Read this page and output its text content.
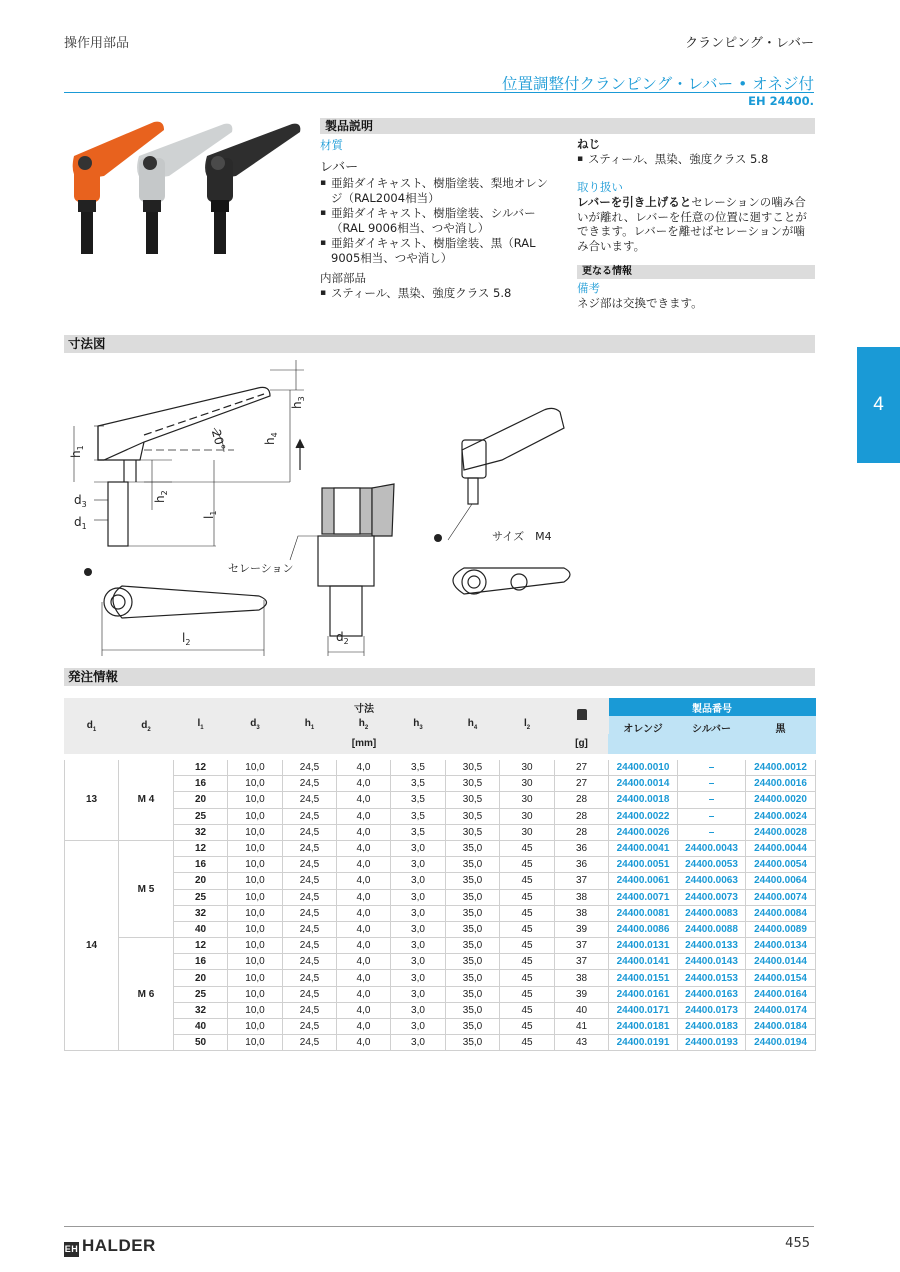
操作用部品	クランピング・レバー
位置調整付クランピング・レバー • オネジ付
EH 24400.
4
製品説明
材質
レバー
▪ 亜鉛ダイキャスト、樹脂塗装、梨地オレンジ（RAL2004相当）
▪ 亜鉛ダイキャスト、樹脂塗装、シルバー（RAL 9006相当、つや消し）
▪ 亜鉛ダイキャスト、樹脂塗装、黒（RAL 9005相当、つや消し）
内部部品
▪ スティール、黒染、強度クラス 5.8
ねじ
▪ スティール、黒染、強度クラス 5.8
取り扱い
レバーを引き上げるとセレーションの噛み合いが離れ、レバーを任意の位置に廻すことができます。レバーを離せばセレーションが噛み合います。
更なる情報
備考
ネジ部は交換できます。
寸法図
20°
$h_1$
$h_4$
$h_3$
$h_2$
$l_1$
$d_3$
$d_1$
$l_2$
セレーション
$d_2$
サイズ　M4
発注情報
$d_1$	$d_2$	寸法								製品番号		
		$l_1$	$d_3$	$h_1$	$h_2$	$h_3$	$h_4$	$l_2$		オレンジ	シルバー	黒
		[mm]							[g]			

13	M 4	12	10,0	24,5	4,0	3,5	30,5	30	27	24400.0010	–	24400.0012
		16	10,0	24,5	4,0	3,5	30,5	30	27	24400.0014	–	24400.0016
		20	10,0	24,5	4,0	3,5	30,5	30	28	24400.0018	–	24400.0020
		25	10,0	24,5	4,0	3,5	30,5	30	28	24400.0022	–	24400.0024
		32	10,0	24,5	4,0	3,5	30,5	30	28	24400.0026	–	24400.0028
14	M 5	12	10,0	24,5	4,0	3,0	35,0	45	36	24400.0041	24400.0043	24400.0044
		16	10,0	24,5	4,0	3,0	35,0	45	36	24400.0051	24400.0053	24400.0054
		20	10,0	24,5	4,0	3,0	35,0	45	37	24400.0061	24400.0063	24400.0064
		25	10,0	24,5	4,0	3,0	35,0	45	38	24400.0071	24400.0073	24400.0074
		32	10,0	24,5	4,0	3,0	35,0	45	38	24400.0081	24400.0083	24400.0084
		40	10,0	24,5	4,0	3,0	35,0	45	39	24400.0086	24400.0088	24400.0089
	M 6	12	10,0	24,5	4,0	3,0	35,0	45	37	24400.0131	24400.0133	24400.0134
		16	10,0	24,5	4,0	3,0	35,0	45	37	24400.0141	24400.0143	24400.0144
		20	10,0	24,5	4,0	3,0	35,0	45	38	24400.0151	24400.0153	24400.0154
		25	10,0	24,5	4,0	3,0	35,0	45	39	24400.0161	24400.0163	24400.0164
		32	10,0	24,5	4,0	3,0	35,0	45	40	24400.0171	24400.0173	24400.0174
		40	10,0	24,5	4,0	3,0	35,0	45	41	24400.0181	24400.0183	24400.0184
		50	10,0	24,5	4,0	3,0	35,0	45	43	24400.0191	24400.0193	24400.0194
EH HALDER	455
